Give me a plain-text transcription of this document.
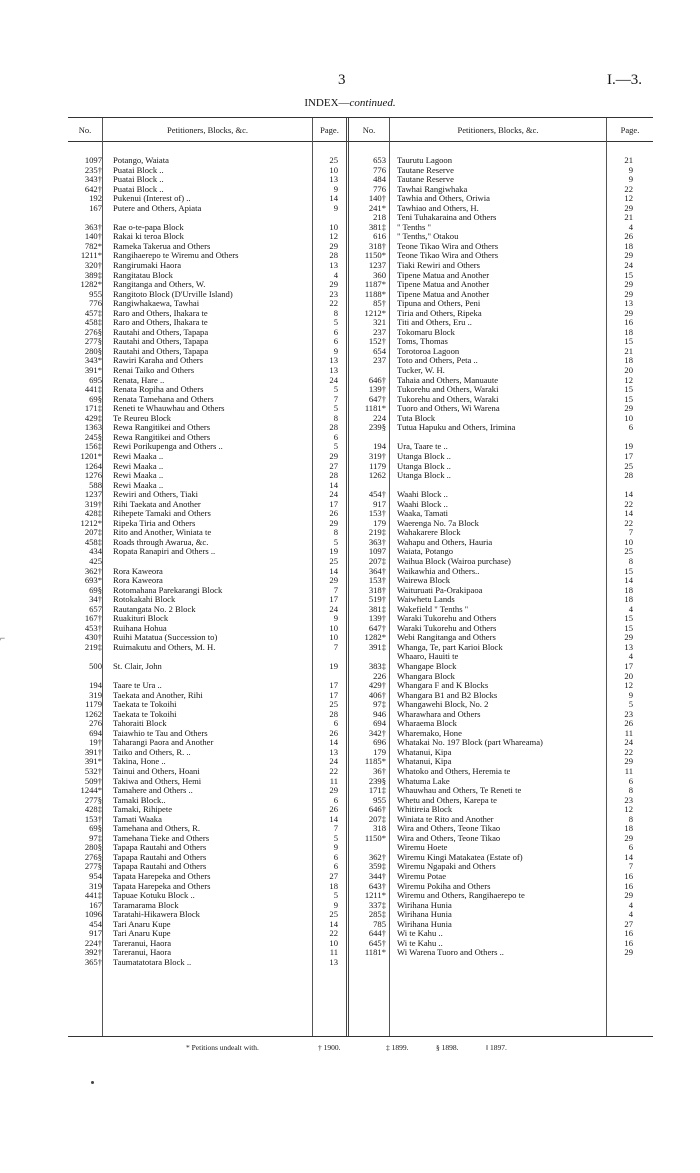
3	I.—3.
INDEX—continued.
No.	Petitioners, Blocks, &c.	Page.	No.	Petitioners, Blocks, &c.	Page.
1097 Potango, Waiata	25
235† Puatai Block ..	10
343† Puatai Block ..	13
642† Puatai Block ..	9
192 Pukenui (Interest of) ..	14
167 Putere and Others, Apiata	9
363† Rae o-te-papa Block	10
140† Rakai ki teroa Block	12
782* Rameka Takerua and Others	29
1211* Rangihaerepo te Wiremu and Others	28
320† Rangirumaki Haora	13
389‡ Rangitatau Block	4
1282* Rangitanga and Others, W.	29
955 Rangitoto Block (D'Urville Island)	23
776 Rangiwhakaewa, Tawhai	22
457‡ Raro and Others, Ihakara te	8
458‡ Raro and Others, Ihakara te	5
276§ Rautahi and Others, Tapapa	6
277§ Rautahi and Others, Tapapa	6
280§ Rautahi and Others, Tapapa	9
343* Rawiri Karaha and Others	13
391* Renai Taiko and Others	13
695 Renata, Hare ..	24
441‡ Renata Ropiha and Others	5
69§ Renata Tamehana and Others	7
171‡ Reneti te Whauwhau and Others	5
429‡ Te Reureu Block	8
1363 Rewa Rangitikei and Others	28
245§ Rewa Rangitikei and Others	6
156‡ Rewi Porikupenga and Others ..	5
1201* Rewi Maaka ..	29
1264 Rewi Maaka ..	27
1276 Rewi Maaka ..	28
588 Rewi Maaka ..	14
1237 Rewiri and Others, Tiaki	24
319† Rihi Taekata and Another	17
428‡ Rihepete Tamaki and Others	26
1212* Ripeka Tiria and Others	29
207‡ Rito and Another, Winiata te	8
458‡ Roads through Awarua, &c.	5
434 Ropata Ranapiri and Others ..	19
425	25
362† Rora Kaweora	14
693* Rora Kaweora	29
69§ Rotomahana Parekarangi Block	7
34† Rotokakahi Block	17
657 Rautangata No. 2 Block	24
167† Ruakituri Block	9
453† Ruihana Hohua	10
430† Ruihi Matatua (Succession to)	10
219‡ Ruimakutu and Others, M. H.	7
500 St. Clair, John	19
194 Taare te Ura ..	17
319 Taekata and Another, Rihi	17
1179 Taekata te Tokoihi	25
1262 Taekata te Tokoihi	28
276 Tahoraiti Block	6
694 Taiawhio te Tau and Others	26
19† Taharangi Paora and Another	14
391† Taiko and Others, R. ..	13
391* Takina, Hone ..	24
532† Tainui and Others, Hoani	22
509† Takiwa and Others, Hemi	11
1244* Tamahere and Others ..	29
277§ Tamaki Block..	6
428‡ Tamaki, Rihipete	26
153† Tamati Waaka	14
69§ Tamehana and Others, R.	7
97‡ Tamehana Tieke and Others	5
280§ Tapapa Rautahi and Others	9
276§ Tapapa Rautahi and Others	6
277§ Tapapa Rautahi and Others	6
954 Tapata Harepeka and Others	27
319 Tapata Harepeka and Others	18
441‡ Tapuae Kotuku Block ..	5
167 Taramarama Block	9
1096 Taratahi-Hikawera Block	25
454 Tari Anaru Kupe	14
917 Tari Anaru Kupe	22
224† Tareranui, Haora	10
392† Tareranui, Haora	11
365† Taumatatotara Block ..	13
653 Taurutu Lagoon	21
776 Tautane Reserve	9
484 Tautane Reserve	9
776 Tawhai Rangiwhaka	22
140† Tawhia and Others, Oriwia	12
241* Tawhiao and Others, H.	29
218 Teni Tuhakaraina and Others	21
381‡ " Tenths "	4
616 " Tenths," Otakou	26
318† Teone Tikao Wira and Others	18
1150* Teone Tikao Wira and Others	29
1237 Tiaki Rewiri and Others	24
360 Tipene Matua and Another	15
1187* Tipene Matua and Another	29
1188* Tipene Matua and Another	29
85† Tipuna and Others, Peni	13
1212* Tiria and Others, Ripeka	29
321 Titi and Others, Eru ..	16
237 Tokomaru Block	18
152† Toms, Thomas	15
654 Torotoroa Lagoon	21
237 Toto and Others, Peta ..	18
Tucker, W. H.	20
646† Tahaia and Others, Manuaute	12
139† Tukorehu and Others, Waraki	15
647† Tukorehu and Others, Waraki	15
1181* Tuoro and Others, Wi Warena	29
224 Tuta Block	10
239§ Tutua Hapuku and Others, Irimina	6
194 Ura, Taare te ..	19
319† Utanga Block ..	17
1179 Utanga Block ..	25
1262 Utanga Block ..	28
454† Waahi Block ..	14
917 Waahi Block ..	22
153† Waaka, Tamati	14
179 Waerenga No. 7a Block	22
219‡ Wahakarere Block	7
363† Wahapu and Others, Hauria	10
1097 Waiata, Potango	25
207‡ Waihua Block (Wairoa purchase)	8
364† Waikawhia and Others..	15
153† Wairewa Block	14
318† Waituruati Pa-Orakipaoa	18
519† Waiwhetu Lands	18
381‡ Wakefield " Tenths "	4
139† Waraki Tukorehu and Others	15
647† Waraki Tukorehu and Others	15
1282* Webi Rangitanga and Others	29
391‡ Whanga, Te, part Karioi Block	13
Whaaro, Hauiti te	4
383‡ Whangape Block	17
226 Whangara Block	20
429† Whangara F and K Blocks	12
406† Whangara B1 and B2 Blocks	9
97‡ Whangawehi Block, No. 2	5
946 Wharawhara and Others	23
694 Wharaema Block	26
342† Wharemako, Hone	11
696 Whatakai No. 197 Block (part Whareama)	24
179 Whatanui, Kipa	22
1185* Whatanui, Kipa	29
36† Whatoko and Others, Heremia te	11
239§ Whatuma Lake	6
171‡ Whauwhau and Others, Te Reneti te	8
955 Whetu and Others, Karepa te	23
646† Whitireia Block	12
207‡ Winiata te Rito and Another	8
318 Wira and Others, Teone Tikao	18
1150* Wira and Others, Teone Tikao	29
Wiremu Hoete	6
362† Wiremu Kingi Matakatea (Estate of)	14
359‡ Wiremu Ngapaki and Others	7
344† Wiremu Potae	16
643† Wiremu Pokiha and Others	16
1211* Wiremu and Others, Rangihaerepo te	29
337‡ Wirihana Hunia	4
285‡ Wirihana Hunia	4
785 Wirihana Hunia	27
644† Wi te Kahu ..	16
645† Wi te Kahu ..	16
1181* Wi Warena Tuoro and Others ..	29
* Petitions undealt with.	† 1900.	‡ 1899.	§ 1898.	‖ 1897.
⌐
